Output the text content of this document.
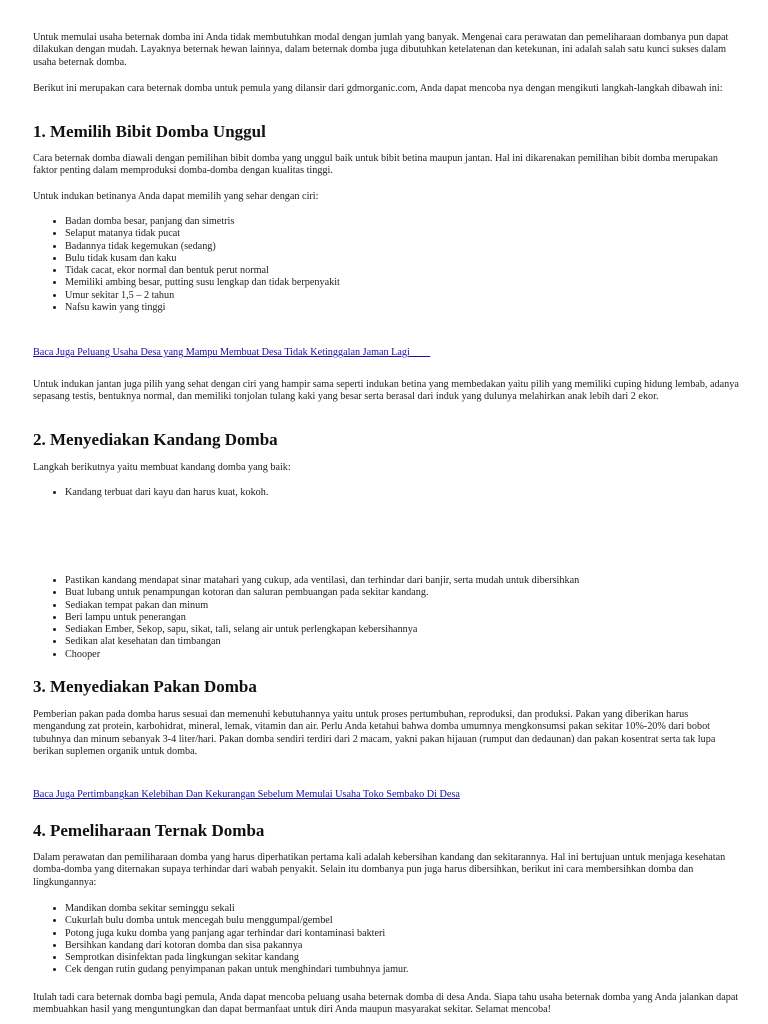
Untuk memulai usaha beternak domba ini Anda tidak membutuhkan modal dengan jumlah yang banyak. Mengenai cara perawatan dan pemeliharaan dombanya pun dapat dilakukan dengan mudah. Layaknya beternak hewan lainnya, dalam beternak domba juga dibutuhkan ketelatenan dan ketekunan, ini adalah salah satu kunci sukses dalam usaha beternak domba.

Berikut ini merupakan cara beternak domba untuk pemula yang dilansir dari gdmorganic.com, Anda dapat mencoba nya dengan mengikuti langkah-langkah dibawah ini:

1. Memilih Bibit Domba Unggul

Cara beternak domba diawali dengan pemilihan bibit domba yang unggul baik untuk bibit betina maupun jantan. Hal ini dikarenakan pemilihan bibit domba merupakan faktor penting dalam memproduksi domba-domba dengan kualitas tinggi.

Untuk indukan betinanya Anda dapat memilih yang sehar dengan ciri:

• Badan domba besar, panjang dan simetris
• Selaput matanya tidak pucat
• Badannya tidak kegemukan (sedang)
• Bulu tidak kusam dan kaku
• Tidak cacat, ekor normal dan bentuk perut normal
• Memiliki ambing besar, putting susu lengkap dan tidak berpenyakit
• Umur sekitar 1,5 – 2 tahun
• Nafsu kawin yang tinggi
Baca Juga Peluang Usaha Desa yang Mampu Membuat Desa Tidak Ketinggalan Jaman Lagi

Untuk indukan jantan juga pilih yang sehat dengan ciri yang hampir sama seperti indukan betina yang membedakan yaitu pilih yang memiliki cuping hidung lembab, adanya sepasang testis, bentuknya normal, dan memiliki tonjolan tulang kaki yang besar serta berasal dari induk yang dulunya melahirkan anak lebih dari 2 ekor.

2. Menyediakan Kandang Domba

Langkah berikutnya yaitu membuat kandang domba yang baik:

• Kandang terbuat dari kayu dan harus kuat, kokoh.
• Pastikan kandang mendapat sinar matahari yang cukup, ada ventilasi, dan terhindar dari banjir, serta mudah untuk dibersihkan
• Buat lubang untuk penampungan kotoran dan saluran pembuangan pada sekitar kandang.
• Sediakan tempat pakan dan minum
• Beri lampu untuk penerangan
• Sediakan Ember, Sekop, sapu, sikat, tali, selang air untuk perlengkapan kebersihannya
• Sedikan alat kesehatan dan timbangan
• Chooper
3. Menyediakan Pakan Domba

Pemberian pakan pada domba harus sesuai dan memenuhi kebutuhannya yaitu untuk proses pertumbuhan, reproduksi, dan produksi. Pakan yang diberikan harus mengandung zat protein, karbohidrat, mineral, lemak, vitamin dan air. Perlu Anda ketahui bahwa domba umumnya mengkonsumsi pakan sekitar 10%-20% dari bobot tubuhnya dan minum sebanyak 3-4 liter/hari. Pakan domba sendiri terdiri dari 2 macam, yakni pakan hijauan (rumput dan dedaunan) dan pakan kosentrat serta tak lupa berikan suplemen organik untuk domba.

Baca Juga Pertimbangkan Kelebihan Dan Kekurangan Sebelum Memulai Usaha Toko Sembako Di Desa
4. Pemeliharaan Ternak Domba

Dalam perawatan dan pemiliharaan domba yang harus diperhatikan pertama kali adalah kebersihan kandang dan sekitarannya. Hal ini bertujuan untuk menjaga kesehatan domba-domba yang diternakan supaya terhindar dari wabah penyakit. Selain itu dombanya pun juga harus dibersihkan, berikut ini cara membersihkan domba dan lingkungannya:

• Mandikan domba sekitar seminggu sekali
• Cukurlah bulu domba untuk mencegah bulu menggumpal/gembel
• Potong juga kuku domba yang panjang agar terhindar dari kontaminasi bakteri
• Bersihkan kandang dari kotoran domba dan sisa pakannya
• Semprotkan disinfektan pada lingkungan sekitar kandang
• Cek dengan rutin gudang penyimpanan pakan untuk menghindari tumbuhnya jamur.

Itulah tadi cara beternak domba bagi pemula, Anda dapat mencoba peluang usaha beternak domba di desa Anda. Siapa tahu usaha beternak domba yang Anda jalankan dapat membuahkan hasil yang menguntungkan dan dapat bermanfaat untuk diri Anda maupun masyarakat sekitar. Selamat mencoba!
